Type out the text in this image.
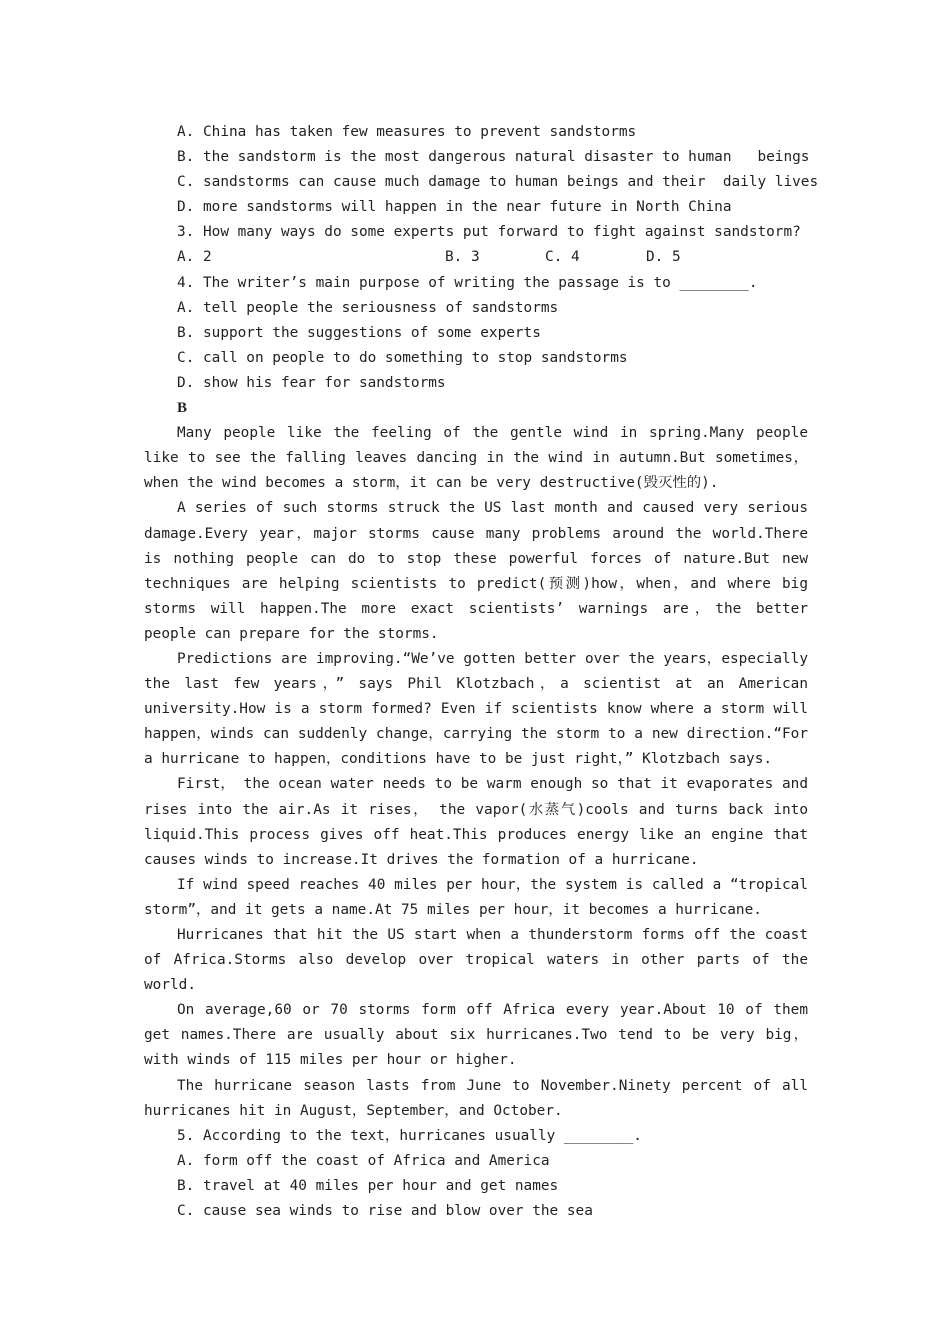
A. China has taken few measures to prevent sandstorms
B. the sandstorm is the most dangerous natural disaster to human   beings
C. sandstorms can cause much damage to human beings and their  daily lives
D. more sandstorms will happen in the near future in North China
3. How many ways do some experts put forward to fight against sandstorm?

A. 2

	B. 3

	C. 4

	D. 5

4. The writer’s main purpose of writing the passage is to ________.
A. tell people the seriousness of sandstorms
B. support the suggestions of some experts
C. call on people to do something to stop sandstorms
D. show his fear for sandstorms
B

Many people like the feeling of the gentle wind in spring.Many people like to see the falling leaves dancing in the wind in autumn.But sometimes，when the wind becomes a storm，it can be very destructive(毁灭性的).

A series of such storms struck the US last month and caused very serious damage.Every year，major storms cause many problems around the world.There is nothing people can do to stop these powerful forces of nature.But new techniques are helping scientists to predict(预测)how，when，and where big storms will happen.The more exact scientists’ warnings are，the better people can prepare for the storms.

Predictions are improving.“We’ve gotten better over the years，especially the last few years，” says Phil Klotzbach，a scientist at an American university.How is a storm formed? Even if scientists know where a storm will happen，winds can suddenly change，carrying the storm to a new direction.“For a hurricane to happen，conditions have to be just right，” Klotzbach says.

First， the ocean water needs to be warm enough so that it evaporates and rises into the air.As it rises， the vapor(水蒸气)cools and turns back into liquid.This process gives off heat.This produces energy like an engine that causes winds to increase.It drives the formation of a hurricane.

If wind speed reaches 40 miles per hour，the system is called a “tropical storm”，and it gets a name.At 75 miles per hour，it becomes a hurricane.

Hurricanes that hit the US start when a thunderstorm forms off the coast of Africa.Storms also develop over tropical waters in other parts of the world.

On average,60 or 70 storms form off Africa every year.About 10 of them get names.There are usually about six hurricanes.Two tend to be very big，with winds of 115 miles per hour or higher.

The hurricane season lasts from June to November.Ninety percent of all hurricanes hit in August，September，and October.

5. According to the text，hurricanes usually ________.
A. form off the coast of Africa and America
B. travel at 40 miles per hour and get names
C. cause sea winds to rise and blow over the sea
